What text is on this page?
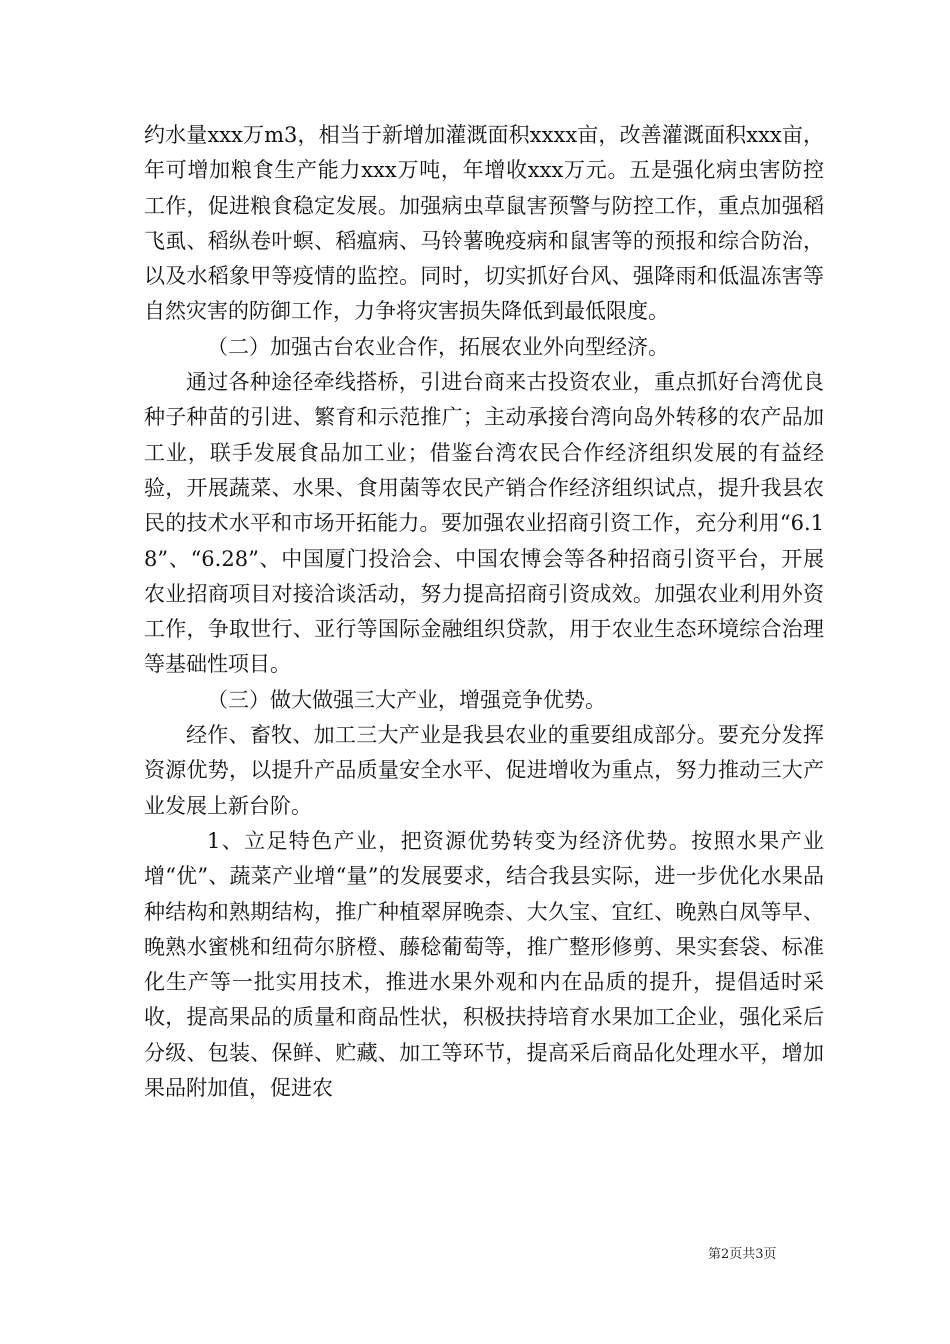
约水量xxx万m3，相当于新增加灌溉面积xxxx亩，改善灌溉面积xxx亩，年可增加粮食生产能力xxx万吨，年增收xxx万元。五是强化病虫害防控工作，促进粮食稳定发展。加强病虫草鼠害预警与防控工作，重点加强稻飞虱、稻纵卷叶螟、稻瘟病、马铃薯晚疫病和鼠害等的预报和综合防治，以及水稻象甲等疫情的监控。同时，切实抓好台风、强降雨和低温冻害等自然灾害的防御工作，力争将灾害损失降低到最低限度。

（二）加强古台农业合作，拓展农业外向型经济。

通过各种途径牵线搭桥，引进台商来古投资农业，重点抓好台湾优良种子种苗的引进、繁育和示范推广；主动承接台湾向岛外转移的农产品加工业，联手发展食品加工业；借鉴台湾农民合作经济组织发展的有益经验，开展蔬菜、水果、食用菌等农民产销合作经济组织试点，提升我县农民的技术水平和市场开拓能力。要加强农业招商引资工作，充分利用“6.18”、“6.28”、中国厦门投洽会、中国农博会等各种招商引资平台，开展农业招商项目对接洽谈活动，努力提高招商引资成效。加强农业利用外资工作，争取世行、亚行等国际金融组织贷款，用于农业生态环境综合治理等基础性项目。

（三）做大做强三大产业，增强竞争优势。

经作、畜牧、加工三大产业是我县农业的重要组成部分。要充分发挥资源优势，以提升产品质量安全水平、促进增收为重点，努力推动三大产业发展上新台阶。

1、立足特色产业，把资源优势转变为经济优势。按照水果产业增“优”、蔬菜产业增“量”的发展要求，结合我县实际，进一步优化水果品种结构和熟期结构，推广种植翠屏晚柰、大久宝、宜红、晚熟白凤等早、晚熟水蜜桃和纽荷尔脐橙、藤稔葡萄等，推广整形修剪、果实套袋、标准化生产等一批实用技术，推进水果外观和内在品质的提升，提倡适时采收，提高果品的质量和商品性状，积极扶持培育水果加工企业，强化采后分级、包装、保鲜、贮藏、加工等环节，提高采后商品化处理水平，增加果品附加值，促进农

第2页共3页
